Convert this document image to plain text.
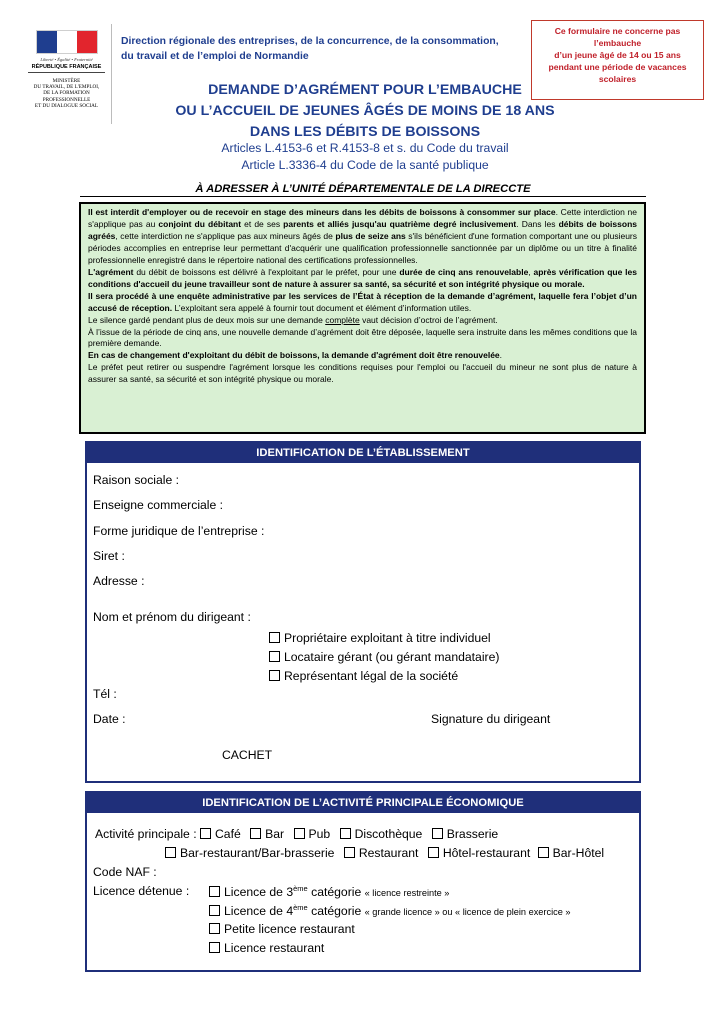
Liberté • Égalité • Fraternité
RÉPUBLIQUE FRANÇAISE
MINISTÈRE
DU TRAVAIL, DE L'EMPLOI,
DE LA FORMATION
PROFESSIONNELLE
ET DU DIALOGUE SOCIAL
Direction régionale des entreprises, de la concurrence, de la consommation,
du travail et de l’emploi de Normandie
Ce formulaire ne concerne pas
l’embauche
d’un jeune âgé de 14 ou 15 ans
pendant une période de vacances
scolaires
DEMANDE D’AGRÉMENT POUR L’EMBAUCHE
OU L’ACCUEIL DE JEUNES ÂGÉS DE MOINS DE 18 ANS
DANS LES DÉBITS DE BOISSONS
Articles L.4153-6 et R.4153-8 et s. du Code du travail
Article L.3336-4 du Code de la santé publique
À ADRESSER À L’UNITÉ DÉPARTEMENTALE DE LA DIRECCTE

Il est interdit d'employer ou de recevoir en stage des mineurs dans les débits de boissons à consommer sur place. Cette interdiction ne s'applique pas au conjoint du débitant et de ses parents et alliés jusqu'au quatrième degré inclusivement. Dans les débits de boissons agréés, cette interdiction ne s'applique pas aux mineurs âgés de plus de seize ans s'ils bénéficient d'une formation comportant une ou plusieurs périodes accomplies en entreprise leur permettant d'acquérir une qualification professionnelle sanctionnée par un diplôme ou un titre à finalité professionnelle enregistré dans le répertoire national des certifications professionnelles.

L'agrément du débit de boissons est délivré à l'exploitant par le préfet, pour une durée de cinq ans renouvelable, après vérification que les conditions d'accueil du jeune travailleur sont de nature à assurer sa santé, sa sécurité et son intégrité physique ou morale.

Il sera procédé à une enquête administrative par les services de l’État à réception de la demande d’agrément, laquelle fera l’objet d’un accusé de réception. L’exploitant sera appelé à fournir tout document et élément d’information utiles.

Le silence gardé pendant plus de deux mois sur une demande complète vaut décision d’octroi de l’agrément.

À l’issue de la période de cinq ans, une nouvelle demande d’agrément doit être déposée, laquelle sera instruite dans les mêmes conditions que la première demande.

En cas de changement d'exploitant du débit de boissons, la demande d'agrément doit être renouvelée.

Le préfet peut retirer ou suspendre l'agrément lorsque les conditions requises pour l'emploi ou l'accueil du mineur ne sont plus de nature à assurer sa santé, sa sécurité et son intégrité physique ou morale.

IDENTIFICATION DE L’ÉTABLISSEMENT
Raison sociale :
Enseigne commerciale :
Forme juridique de l’entreprise :
Siret :
Adresse :
Nom et prénom du dirigeant :
Propriétaire exploitant à titre individuel
Locataire gérant (ou gérant mandataire)
Représentant légal de la société
Tél :
Date :	Signature du dirigeant
CACHET
IDENTIFICATION DE L’ACTIVITÉ PRINCIPALE ÉCONOMIQUE
Activité principale : Café Bar Pub Discothèque Brasserie
Bar-restaurant/Bar-brasserie Restaurant Hôtel-restaurant Bar-Hôtel
Code NAF :
Licence détenue :	Licence de 3ème catégorie « licence restreinte »
Licence de 4ème catégorie « grande licence » ou « licence de plein exercice »
Petite licence restaurant
Licence restaurant
